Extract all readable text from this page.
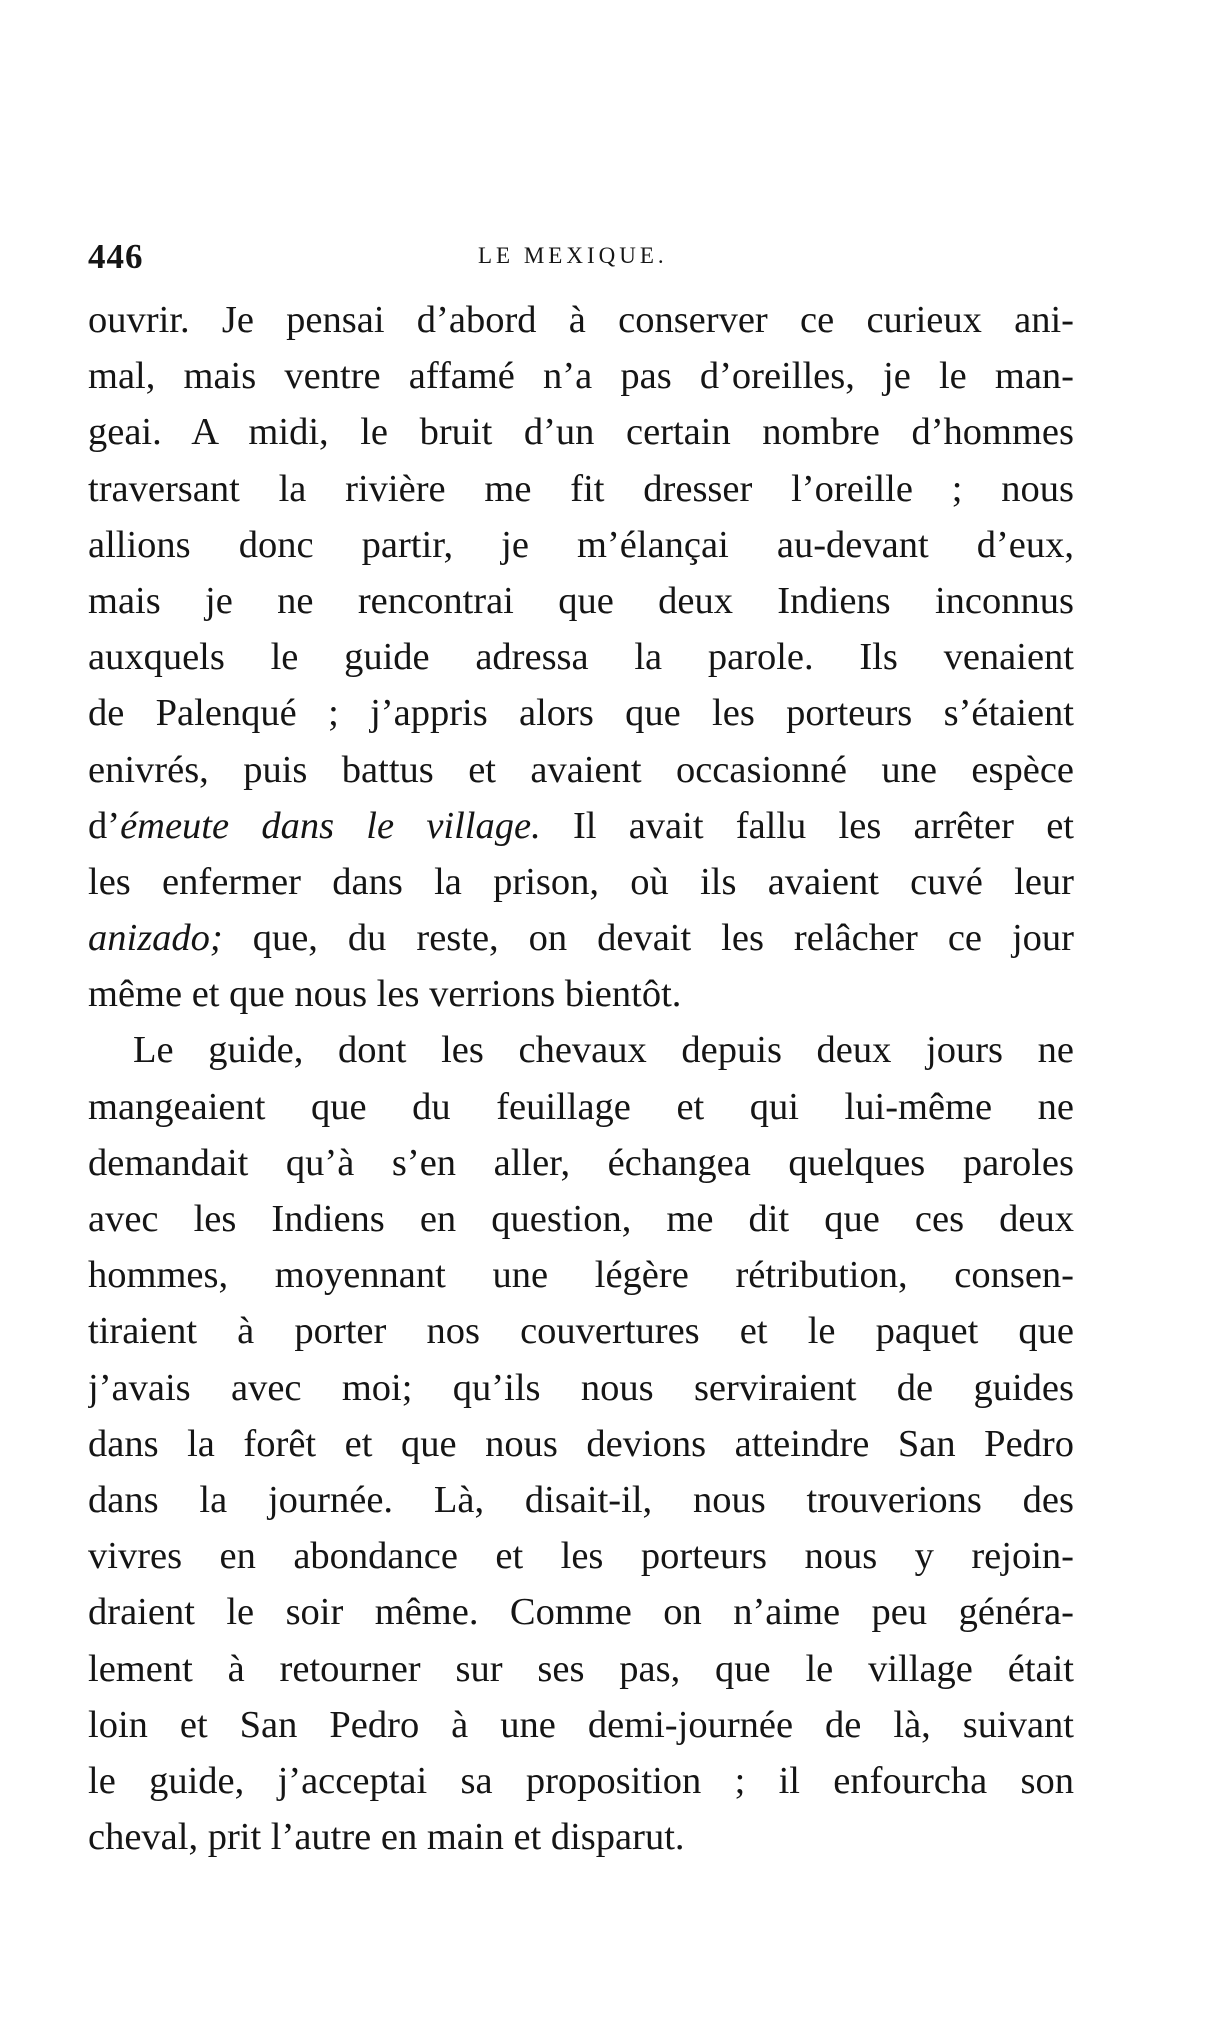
446	LE MEXIQUE.
ouvrir. Je pensai d’abord à conserver ce curieux ani-
mal, mais ventre affamé n’a pas d’oreilles, je le man-
geai. A midi, le bruit d’un certain nombre d’hommes
traversant la rivière me fit dresser l’oreille ; nous
allions donc partir, je m’élançai au-devant d’eux,
mais je ne rencontrai que deux Indiens inconnus
auxquels le guide adressa la parole. Ils venaient
de Palenqué ; j’appris alors que les porteurs s’étaient
enivrés, puis battus et avaient occasionné une espèce
d’émeute dans le village. Il avait fallu les arrêter et
les enfermer dans la prison, où ils avaient cuvé leur
anizado; que, du reste, on devait les relâcher ce jour
même et que nous les verrions bientôt.
Le guide, dont les chevaux depuis deux jours ne
mangeaient que du feuillage et qui lui-même ne
demandait qu’à s’en aller, échangea quelques paroles
avec les Indiens en question, me dit que ces deux
hommes, moyennant une légère rétribution, consen-
tiraient à porter nos couvertures et le paquet que
j’avais avec moi; qu’ils nous serviraient de guides
dans la forêt et que nous devions atteindre San Pedro
dans la journée. Là, disait-il, nous trouverions des
vivres en abondance et les porteurs nous y rejoin-
draient le soir même. Comme on n’aime peu généra-
lement à retourner sur ses pas, que le village était
loin et San Pedro à une demi-journée de là, suivant
le guide, j’acceptai sa proposition ; il enfourcha son
cheval, prit l’autre en main et disparut.
